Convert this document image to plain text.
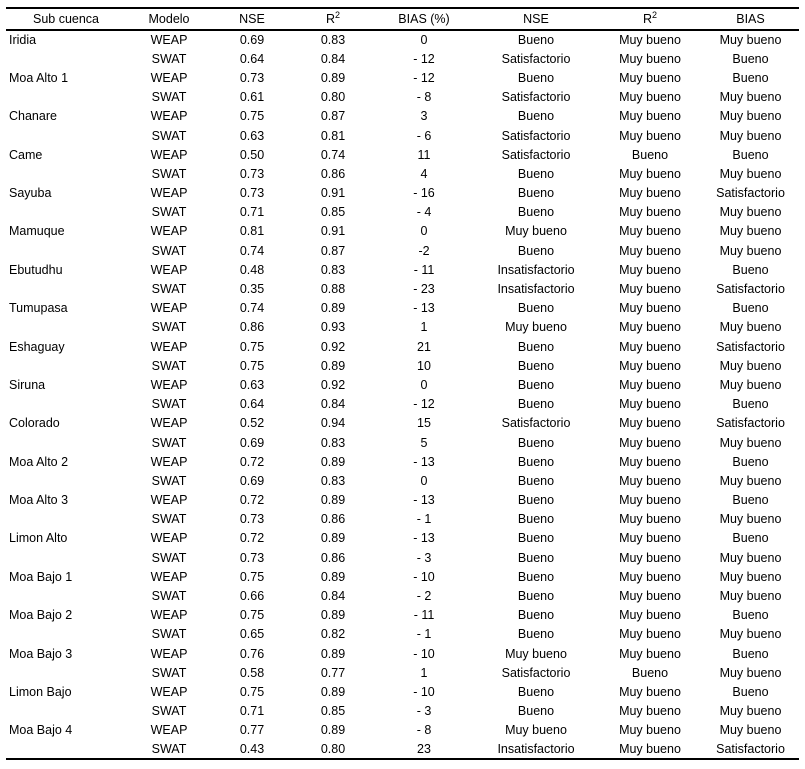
Sub cuenca	Modelo	NSE	$R^2$	BIAS (%)	NSE	$R^2$	BIAS
Iridia	WEAP	0.69	0.83	0	Bueno	Muy bueno	Muy bueno
	SWAT	0.64	0.84	- 12	Satisfactorio	Muy bueno	Bueno
Moa Alto 1	WEAP	0.73	0.89	- 12	Bueno	Muy bueno	Bueno
	SWAT	0.61	0.80	- 8	Satisfactorio	Muy bueno	Muy bueno
Chanare	WEAP	0.75	0.87	3	Bueno	Muy bueno	Muy bueno
	SWAT	0.63	0.81	- 6	Satisfactorio	Muy bueno	Muy bueno
Came	WEAP	0.50	0.74	11	Satisfactorio	Bueno	Bueno
	SWAT	0.73	0.86	4	Bueno	Muy bueno	Muy bueno
Sayuba	WEAP	0.73	0.91	- 16	Bueno	Muy bueno	Satisfactorio
	SWAT	0.71	0.85	- 4	Bueno	Muy bueno	Muy bueno
Mamuque	WEAP	0.81	0.91	0	Muy bueno	Muy bueno	Muy bueno
	SWAT	0.74	0.87	-2	Bueno	Muy bueno	Muy bueno
Ebutudhu	WEAP	0.48	0.83	- 11	Insatisfactorio	Muy bueno	Bueno
	SWAT	0.35	0.88	- 23	Insatisfactorio	Muy bueno	Satisfactorio
Tumupasa	WEAP	0.74	0.89	- 13	Bueno	Muy bueno	Bueno
	SWAT	0.86	0.93	1	Muy bueno	Muy bueno	Muy bueno
Eshaguay	WEAP	0.75	0.92	21	Bueno	Muy bueno	Satisfactorio
	SWAT	0.75	0.89	10	Bueno	Muy bueno	Muy bueno
Siruna	WEAP	0.63	0.92	0	Bueno	Muy bueno	Muy bueno
	SWAT	0.64	0.84	- 12	Bueno	Muy bueno	Bueno
Colorado	WEAP	0.52	0.94	15	Satisfactorio	Muy bueno	Satisfactorio
	SWAT	0.69	0.83	5	Bueno	Muy bueno	Muy bueno
Moa Alto 2	WEAP	0.72	0.89	- 13	Bueno	Muy bueno	Bueno
	SWAT	0.69	0.83	0	Bueno	Muy bueno	Muy bueno
Moa Alto 3	WEAP	0.72	0.89	- 13	Bueno	Muy bueno	Bueno
	SWAT	0.73	0.86	- 1	Bueno	Muy bueno	Muy bueno
Limon Alto	WEAP	0.72	0.89	- 13	Bueno	Muy bueno	Bueno
	SWAT	0.73	0.86	- 3	Bueno	Muy bueno	Muy bueno
Moa Bajo 1	WEAP	0.75	0.89	- 10	Bueno	Muy bueno	Muy bueno
	SWAT	0.66	0.84	- 2	Bueno	Muy bueno	Muy bueno
Moa Bajo 2	WEAP	0.75	0.89	- 11	Bueno	Muy bueno	Bueno
	SWAT	0.65	0.82	- 1	Bueno	Muy bueno	Muy bueno
Moa Bajo 3	WEAP	0.76	0.89	- 10	Muy bueno	Muy bueno	Bueno
	SWAT	0.58	0.77	1	Satisfactorio	Bueno	Muy bueno
Limon Bajo	WEAP	0.75	0.89	- 10	Bueno	Muy bueno	Bueno
	SWAT	0.71	0.85	- 3	Bueno	Muy bueno	Muy bueno
Moa Bajo 4	WEAP	0.77	0.89	- 8	Muy bueno	Muy bueno	Muy bueno
	SWAT	0.43	0.80	23	Insatisfactorio	Muy bueno	Satisfactorio
